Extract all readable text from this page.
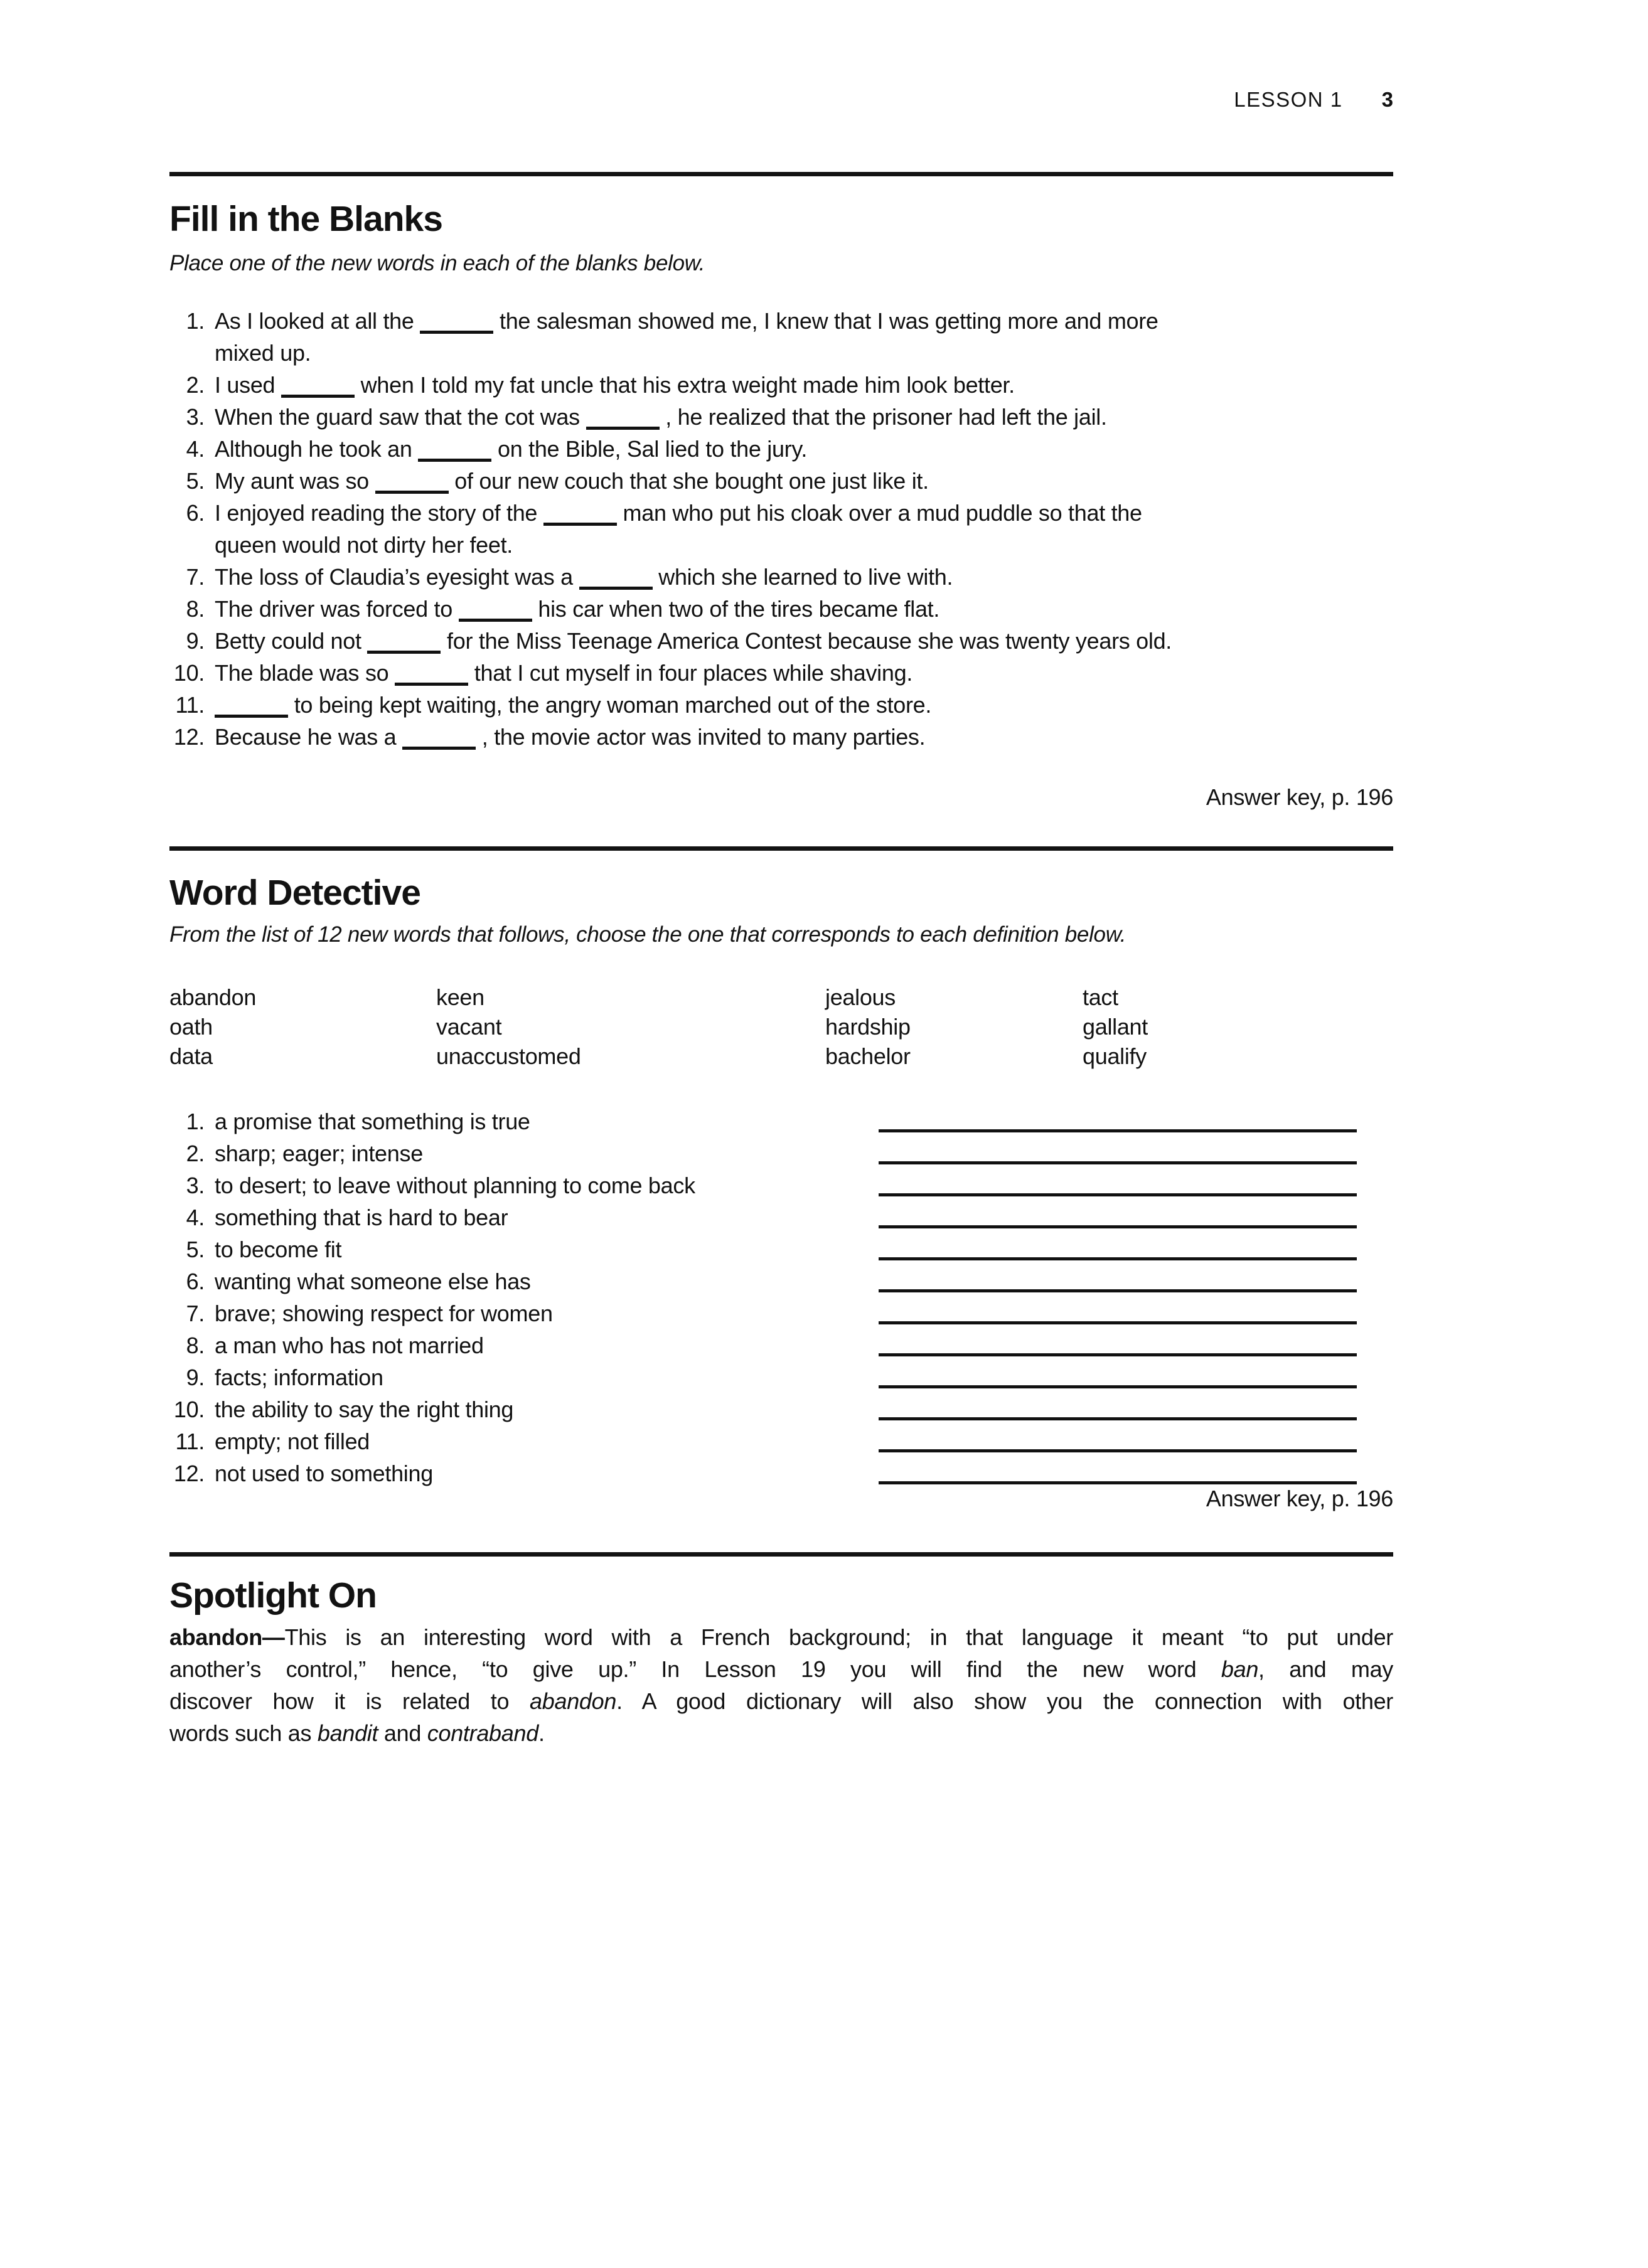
LESSON 1 3
Fill in the Blanks
Place one of the new words in each of the blanks below.
1. As I looked at all the	the salesman showed me, I knew that I was getting more and more
mixed up.
2. I used	when I told my fat uncle that his extra weight made him look better.
3. When the guard saw that the cot was	, he realized that the prisoner had left the jail.
4. Although he took an	on the Bible, Sal lied to the jury.
5. My aunt was so	of our new couch that she bought one just like it.
6. I enjoyed reading the story of the	man who put his cloak over a mud puddle so that the
queen would not dirty her feet.
7. The loss of Claudia’s eyesight was a	which she learned to live with.
8. The driver was forced to	his car when two of the tires became flat.
9. Betty could not	for the Miss Teenage America Contest because she was twenty years old.
10. The blade was so	that I cut myself in four places while shaving.
11.	to being kept waiting, the angry woman marched out of the store.
12. Because he was a	, the movie actor was invited to many parties.
Answer key, p. 196
Word Detective
From the list of 12 new words that follows, choose the one that corresponds to each definition below.
abandon	keen	jealous	tact
oath	vacant	hardship	gallant
data	unaccustomed	bachelor	qualify
1. a promise that something is true
2. sharp; eager; intense
3. to desert; to leave without planning to come back
4. something that is hard to bear
5. to become fit
6. wanting what someone else has
7. brave; showing respect for women
8. a man who has not married
9. facts; information
10. the ability to say the right thing
11. empty; not filled
12. not used to something
Answer key, p. 196
Spotlight On
abandon—This is an interesting word with a French background; in that language it meant “to put under
another’s control,” hence, “to give up.” In Lesson 19 you will find the new word ban, and may
discover how it is related to abandon. A good dictionary will also show you the connection with other
words such as bandit and contraband.
